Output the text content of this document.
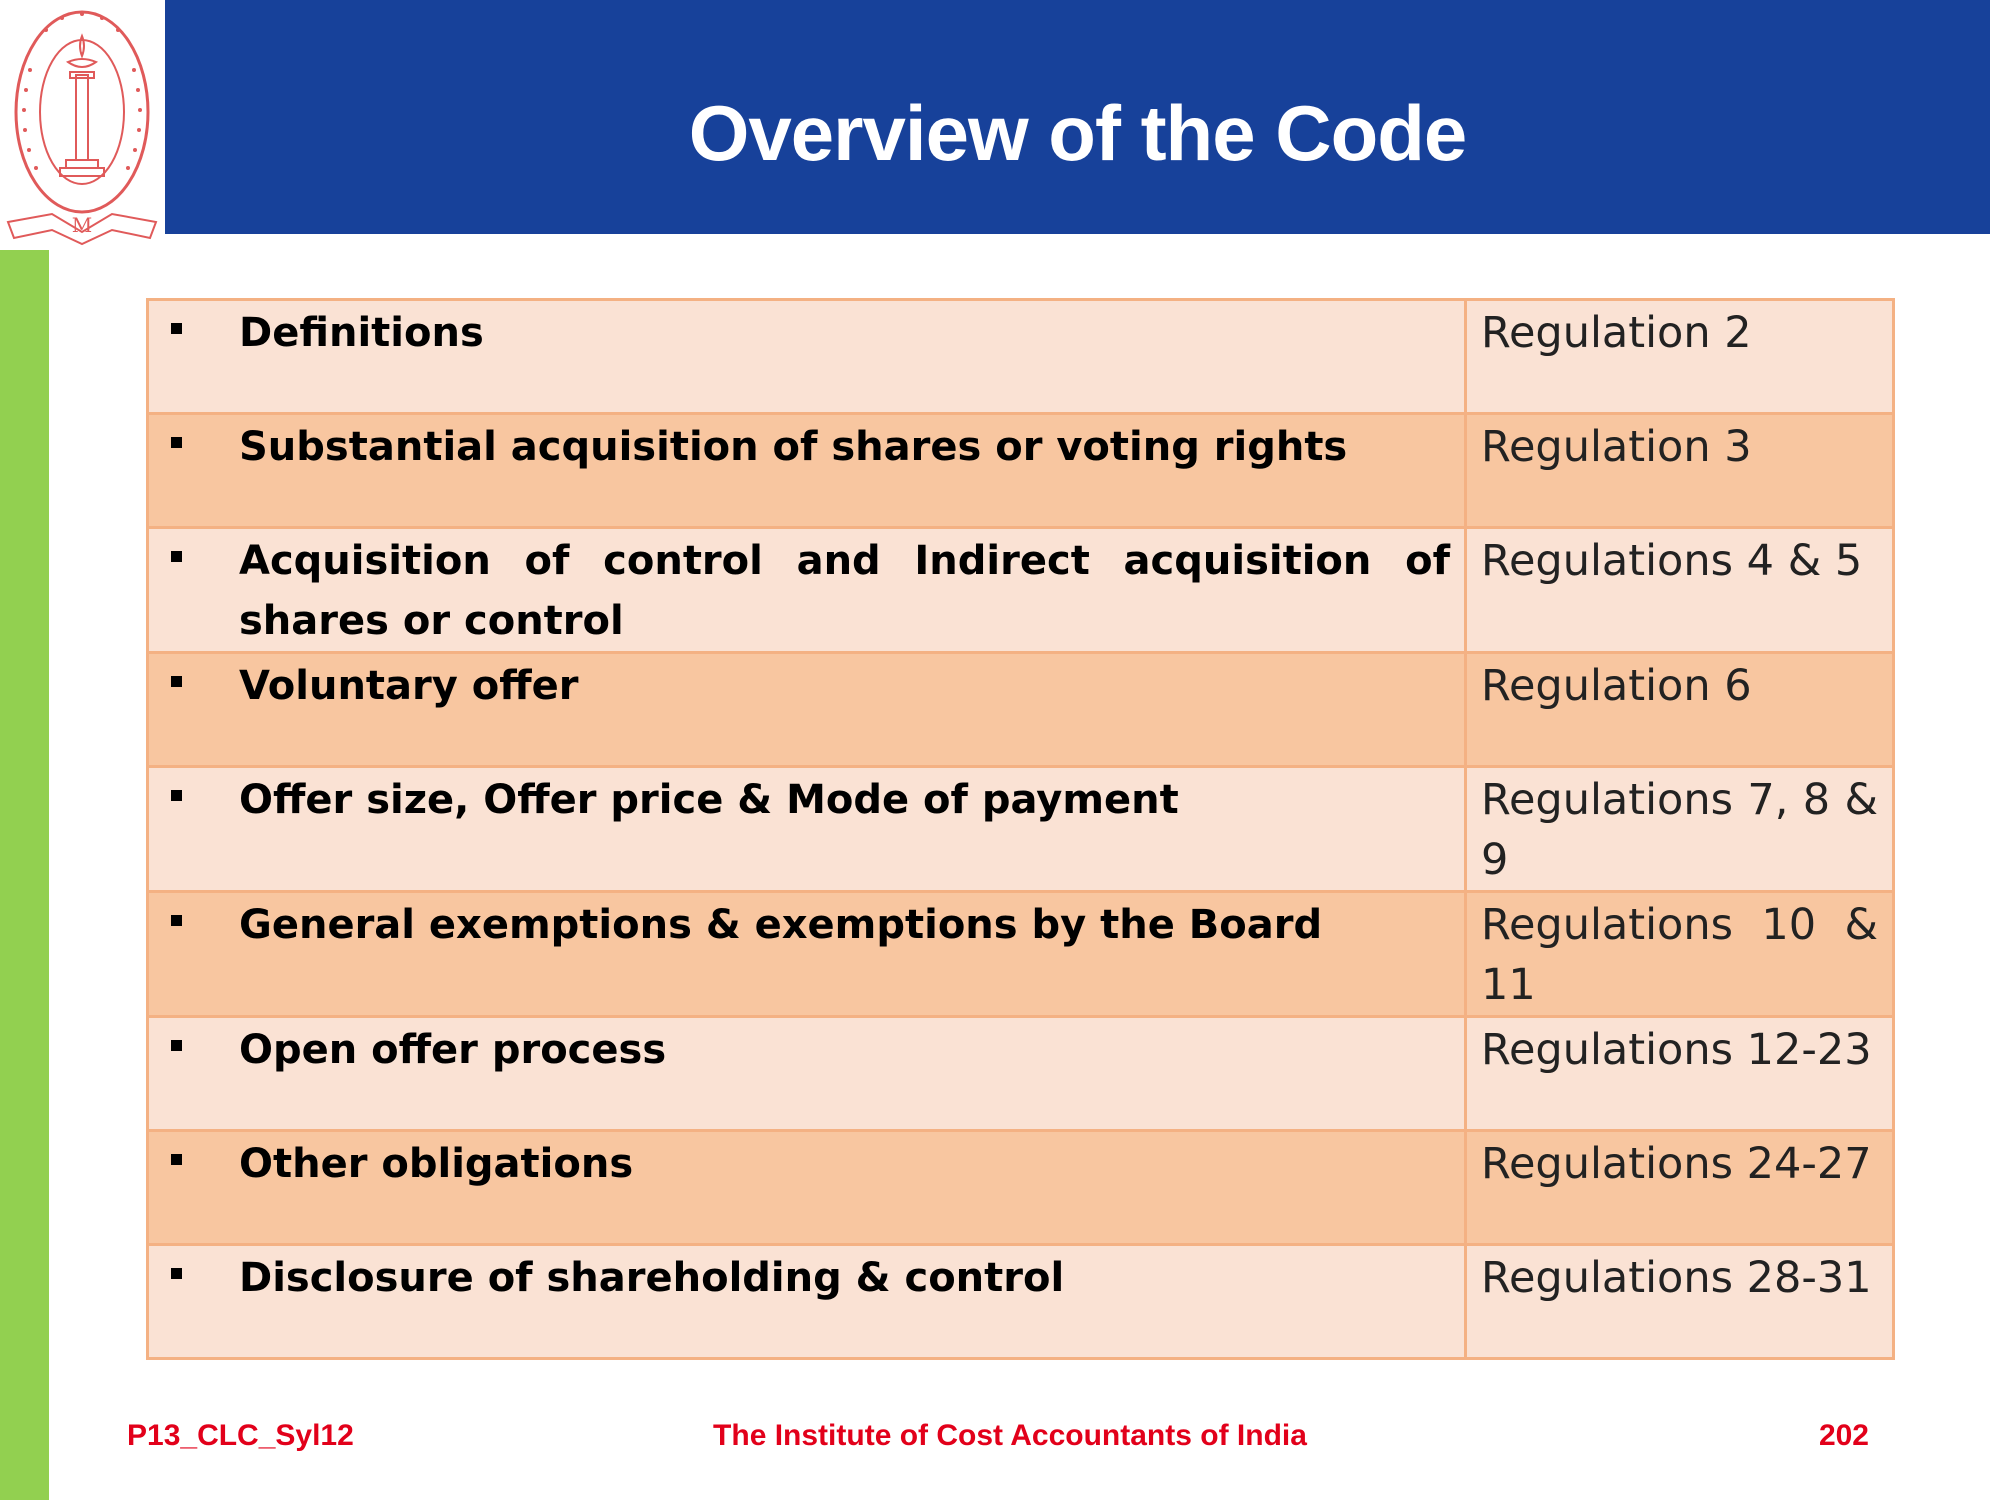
M
Overview of the Code
Definitions	Regulation 2

Substantial acquisition of shares or voting rights	Regulation 3

Acquisition of control and Indirect acquisition of shares or control	Regulations 4 & 5

Voluntary offer	Regulation 6

Offer size, Offer price & Mode of payment	Regulations 7, 8 & 9

General exemptions & exemptions by the Board	Regulations 10 & 11

Open offer process	Regulations 12-23

Other obligations	Regulations 24-27

Disclosure of shareholding & control	Regulations 28-31
P13_CLC_Syl12	The Institute of Cost Accountants of India	202
